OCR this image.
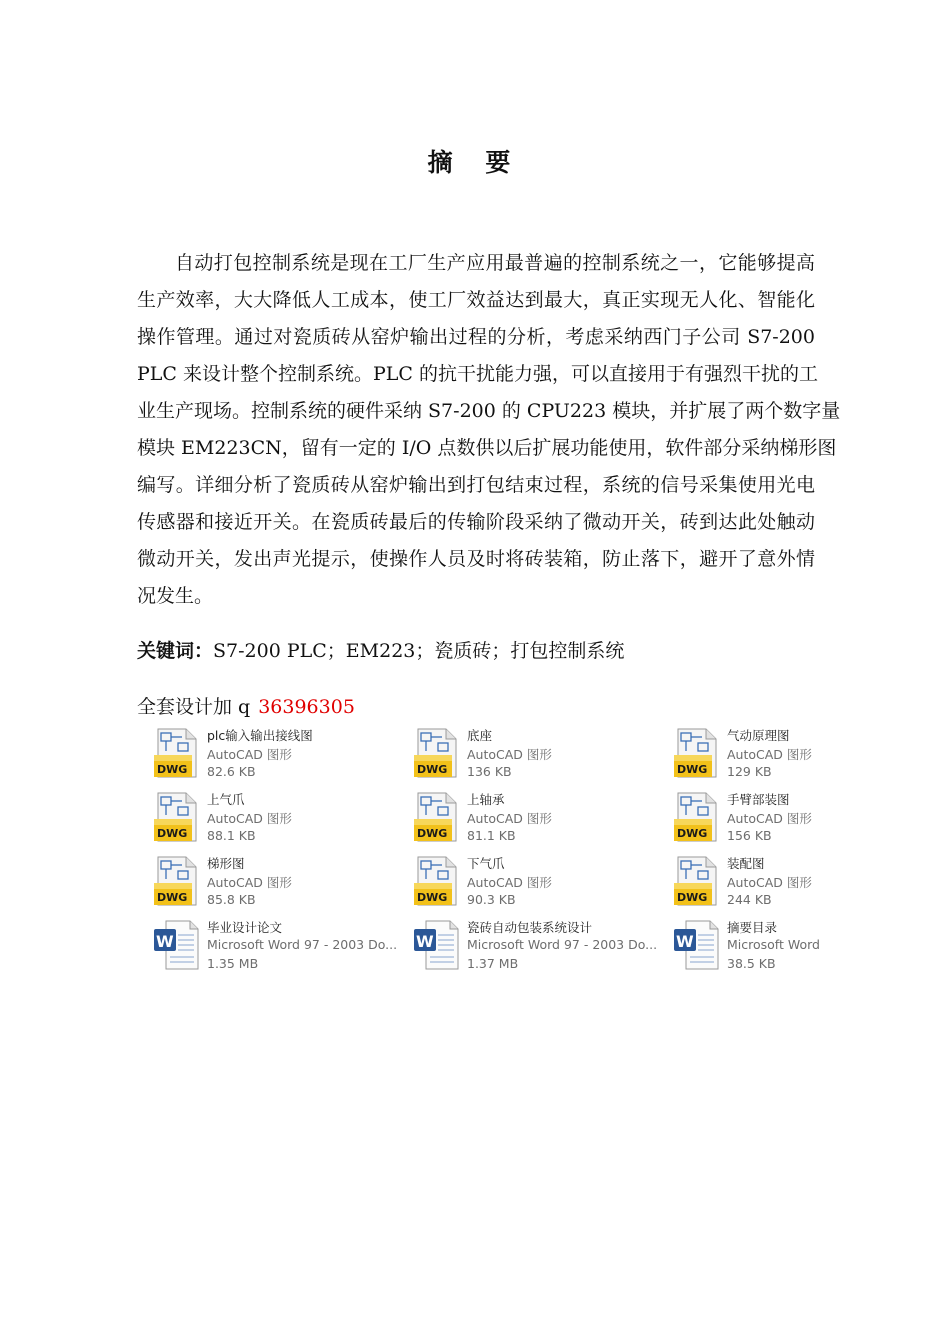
摘 要
自动打包控制系统是现在工厂生产应用最普遍的控制系统之一，它能够提高
生产效率，大大降低人工成本，使工厂效益达到最大，真正实现无人化、智能化
操作管理。通过对瓷质砖从窑炉输出过程的分析，考虑采纳西门子公司 S7-200
PLC 来设计整个控制系统。PLC 的抗干扰能力强，可以直接用于有强烈干扰的工
业生产现场。控制系统的硬件采纳 S7-200 的 CPU223 模块，并扩展了两个数字量
模块 EM223CN，留有一定的 I/O 点数供以后扩展功能使用，软件部分采纳梯形图
编写。详细分析了瓷质砖从窑炉输出到打包结束过程，系统的信号采集使用光电
传感器和接近开关。在瓷质砖最后的传输阶段采纳了微动开关，砖到达此处触动
微动开关，发出声光提示，使操作人员及时将砖装箱，防止落下，避开了意外情
况发生。
关键词：S7-200 PLC；EM223；瓷质砖；打包控制系统
全套设计加 q 36396305
DWG
plc输入输出接线图
AutoCAD 图形
82.6 KB	DWG
底座
AutoCAD 图形
136 KB	DWG
气动原理图
AutoCAD 图形
129 KB
DWG
上气爪
AutoCAD 图形
88.1 KB	DWG
上轴承
AutoCAD 图形
81.1 KB	DWG
手臂部装图
AutoCAD 图形
156 KB
DWG
梯形图
AutoCAD 图形
85.8 KB	DWG
下气爪
AutoCAD 图形
90.3 KB	DWG
装配图
AutoCAD 图形
244 KB
W
毕业设计论文
Microsoft Word 97 - 2003 Do...
1.35 MB
W
瓷砖自动包装系统设计
Microsoft Word 97 - 2003 Do...
1.37 MB
W
摘要目录
Microsoft Word
38.5 KB
